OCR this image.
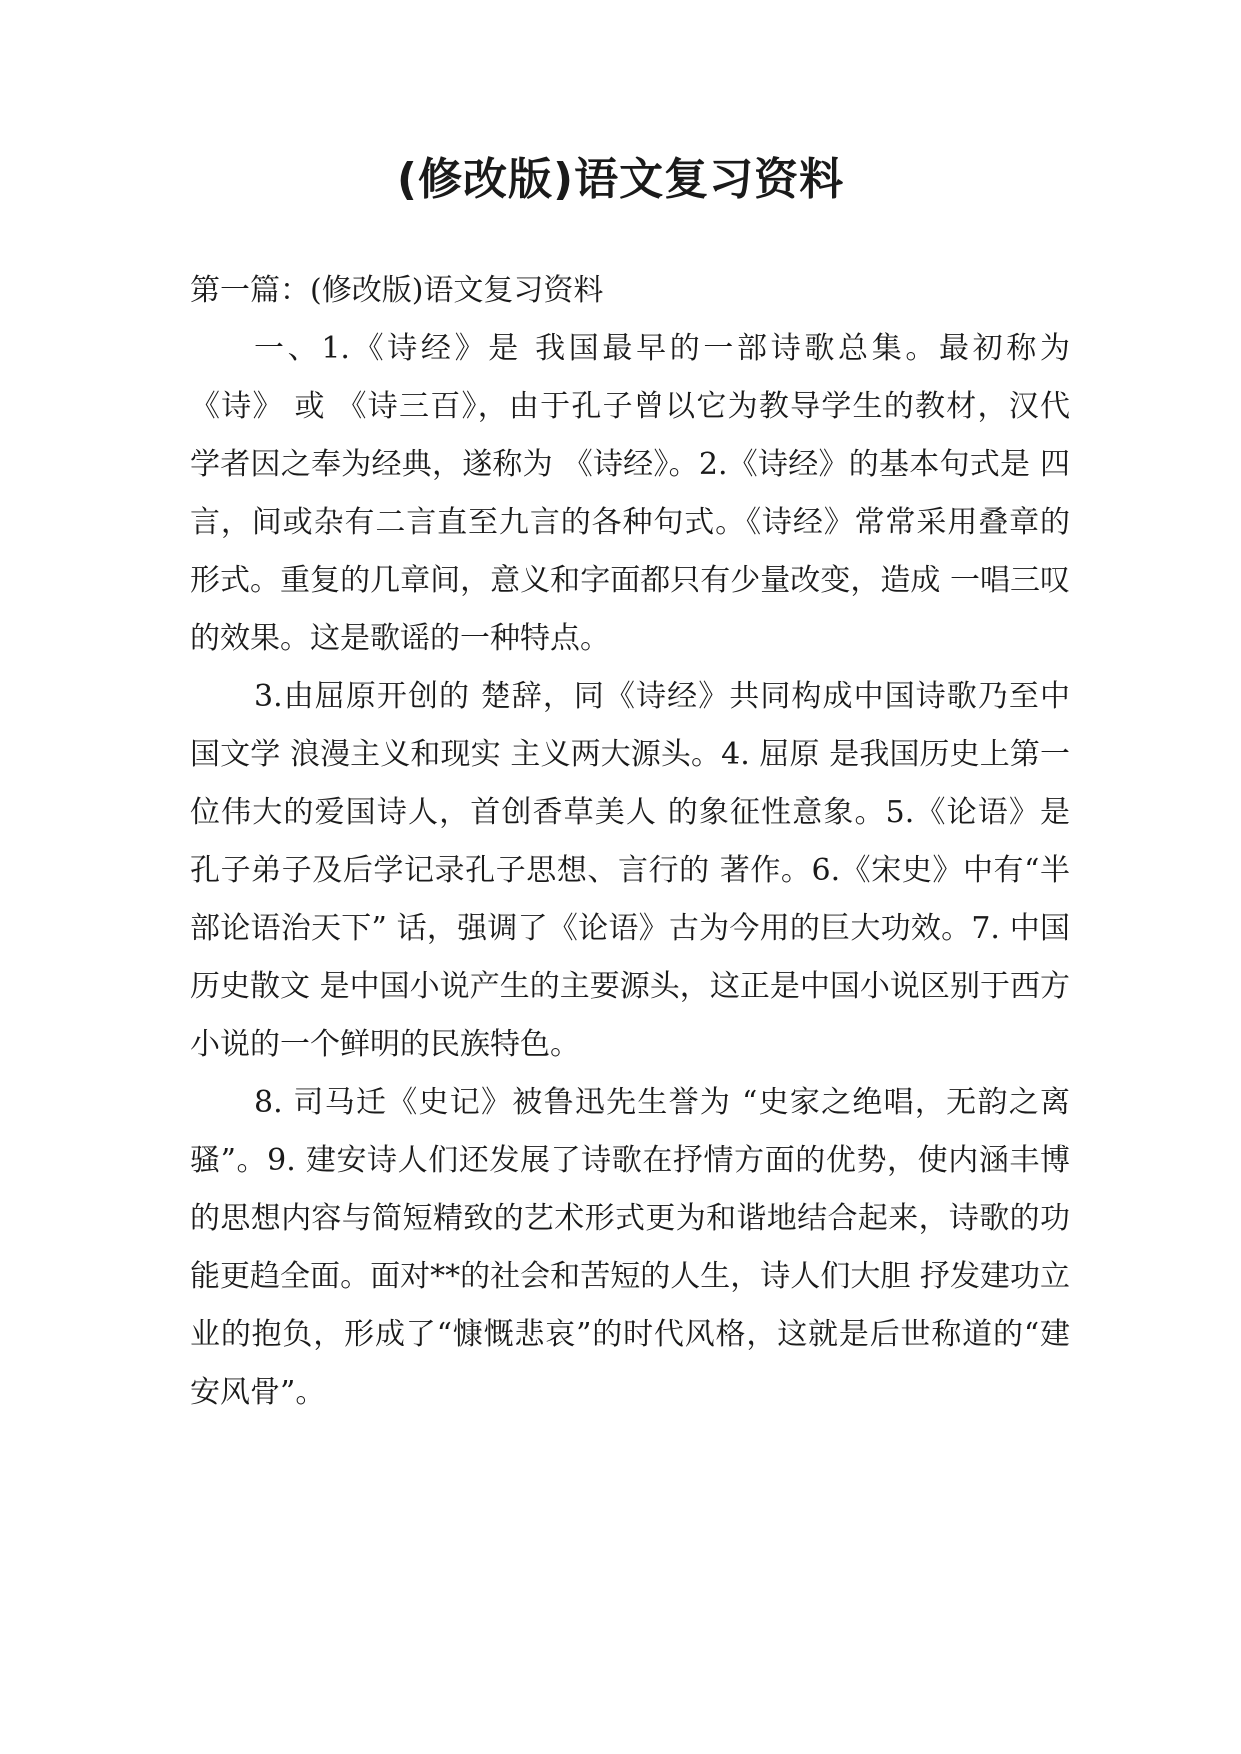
(修改版)语文复习资料

第一篇：(修改版)语文复习资料

一、1.《诗经》是 我国最早的一部诗歌总集。最初称为《诗》 或 《诗三百》，由于孔子曾以它为教导学生的教材，汉代 学者因之奉为经典，遂称为 《诗经》。2.《诗经》的基本句式是 四言，间或杂有二言直至九言的各种句式。《诗经》常常采用叠章的形式。重复的几章间，意义和字面都只有少量改变，造成 一唱三叹 的效果。这是歌谣的一种特点。

3.由屈原开创的 楚辞，同《诗经》共同构成中国诗歌乃至中国文学 浪漫主义和现实 主义两大源头。4. 屈原 是我国历史上第一位伟大的爱国诗人，首创香草美人 的象征性意象。5.《论语》是 孔子弟子及后学记录孔子思想、言行的 著作。6.《宋史》中有“半部论语治天下” 话，强调了《论语》古为今用的巨大功效。7. 中国历史散文 是中国小说产生的主要源头，这正是中国小说区别于西方小说的一个鲜明的民族特色。

8. 司马迁《史记》被鲁迅先生誉为 “史家之绝唱，无韵之离骚”。9. 建安诗人们还发展了诗歌在抒情方面的优势，使内涵丰博的思想内容与简短精致的艺术形式更为和谐地结合起来，诗歌的功能更趋全面。面对**的社会和苦短的人生，诗人们大胆 抒发建功立业的抱负，形成了“慷慨悲哀”的时代风格，这就是后世称道的“建安风骨”。
